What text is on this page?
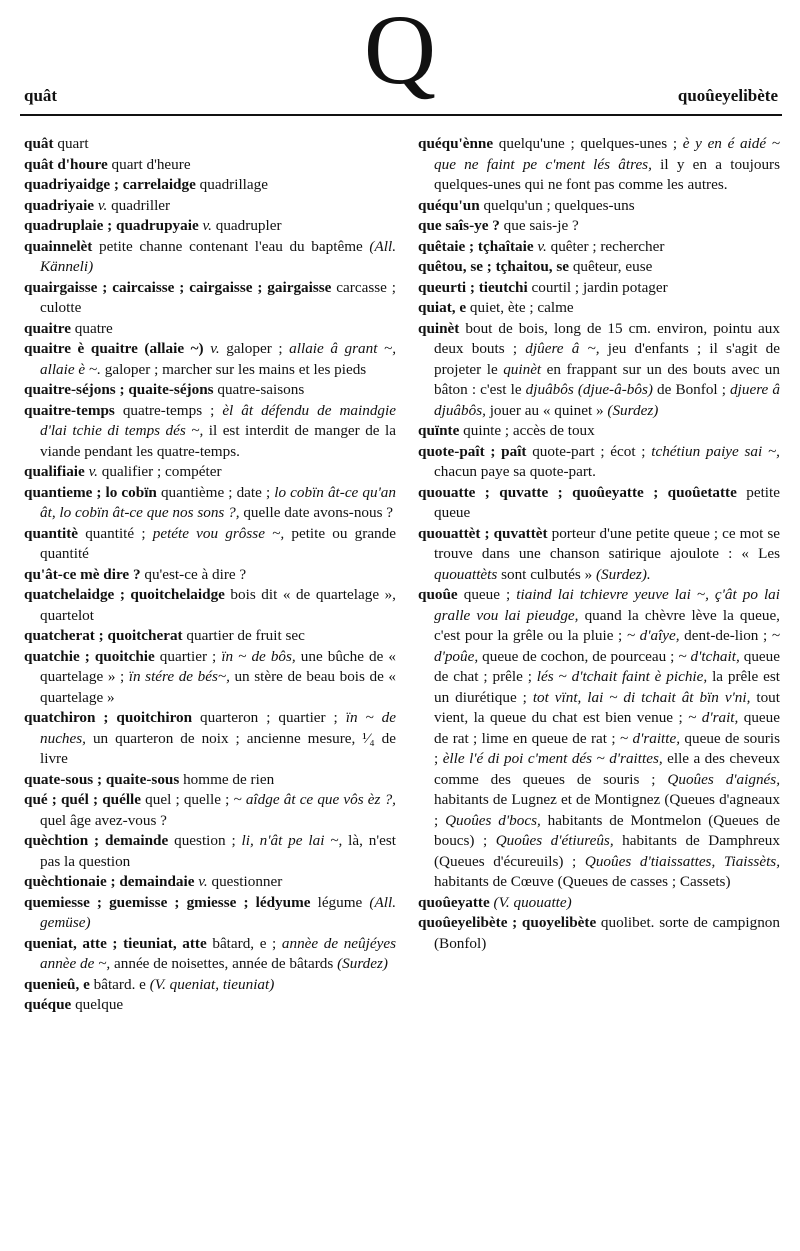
Q
quât	quoûeyelibète
quât quart
quât d'houre quart d'heure
quadriyaidge ; carrelaidge quadrillage
quadriyaie v. quadriller
quadruplaie ; quadrupyaie v. quadrupler
quainnelèt petite channe contenant l'eau du baptême (All. Känneli)
quairgaisse ; caircaisse ; cairgaisse ; gairgaisse carcasse ; culotte
quaitre quatre
quaitre è quaitre (allaie ~) v. galoper ; allaie â grant ~, allaie è ~. galoper ; marcher sur les mains et les pieds
quaitre-séjons ; quaite-séjons quatre-saisons
quaitre-temps quatre-temps ; èl ât défendu de maindgie d'lai tchie di temps dés ~, il est interdit de manger de la viande pendant les quatre-temps.
qualifiaie v. qualifier ; compéter
quantieme ; lo cobïn quantième ; date ; lo cobïn ât-ce qu'an ât, lo cobïn ât-ce que nos sons ?, quelle date avons-nous ?
quantitè quantité ; petéte vou grôsse ~, petite ou grande quantité
qu'ât-ce mè dire ? qu'est-ce à dire ?
quatchelaidge ; quoitchelaidge bois dit « de quartelage », quartelot
quatcherat ; quoitcherat quartier de fruit sec
quatchie ; quoitchie quartier ; ïn ~ de bôs, une bûche de « quartelage » ; ïn stére de bés~, un stère de beau bois de « quartelage »
quatchiron ; quoitchiron quarteron ; quartier ; ïn ~ de nuches, un quarteron de noix ; ancienne mesure, ¹⁄₄ de livre
quate-sous ; quaite-sous homme de rien
qué ; quél ; quélle quel ; quelle ; ~ aîdge ât ce que vôs èz ?, quel âge avez-vous ?
quèchtion ; demainde question ; li, n'ât pe lai ~, là, n'est pas la question
quèchtionaie ; demaindaie v. questionner
quemiesse ; guemisse ; gmiesse ; lédyume légume (All. gemüse)
queniat, atte ; tieuniat, atte bâtard, e ; annèe de neûjéyes annèe de ~, année de noisettes, année de bâtards (Surdez)
quenieû, e bâtard. e (V. queniat, tieuniat)
quéque quelque
quéqu'ènne quelqu'une ; quelques-unes ; è y en é aidé ~ que ne faint pe c'ment lés âtres, il y en a toujours quelques-unes qui ne font pas comme les autres.
quéqu'un quelqu'un ; quelques-uns
que saîs-ye ? que sais-je ?
quêtaie ; tçhaîtaie v. quêter ; rechercher
quêtou, se ; tçhaitou, se quêteur, euse
queurti ; tieutchi courtil ; jardin potager
quiat, e quiet, ète ; calme
quinèt bout de bois, long de 15 cm. environ, pointu aux deux bouts ; djûere â ~, jeu d'enfants ; il s'agit de projeter le quinèt en frappant sur un des bouts avec un bâton : c'est le djuâbôs (djue-â-bôs) de Bonfol ; djuere â djuâbôs, jouer au « quinet » (Surdez)
quïnte quinte ; accès de toux
quote-paît ; paît quote-part ; écot ; tchétiun paiye sai ~, chacun paye sa quote-part.
quouatte ; quvatte ; quoûeyatte ; quoûetatte petite queue
quouattèt ; quvattèt porteur d'une petite queue ; ce mot se trouve dans une chanson satirique ajoulote : « Les quouattèts sont culbutés » (Surdez).
quoûe queue ; tiaind lai tchievre yeuve lai ~, ç'ât po lai gralle vou lai pieudge, quand la chèvre lève la queue, c'est pour la grêle ou la pluie ; ~ d'aîye, dent-de-lion ; ~ d'poûe, queue de cochon, de pourceau ; ~ d'tchait, queue de chat ; prêle ; lés ~ d'tchait faint è pichie, la prêle est un diurétique ; tot vïnt, lai ~ di tchait ât bïn v'ni, tout vient, la queue du chat est bien venue ; ~ d'rait, queue de rat ; lime en queue de rat ; ~ d'raitte, queue de souris ; èlle l'é di poi c'ment dés ~ d'raittes, elle a des cheveux comme des queues de souris ; Quoûes d'aignés, habitants de Lugnez et de Montignez (Queues d'agneaux ; Quoûes d'bocs, habitants de Montmelon (Queues de boucs) ; Quoûes d'étiureûs, habitants de Damphreux (Queues d'écureuils) ; Quoûes d'tiaissattes, Tiaissèts, habitants de Cœuve (Queues de casses ; Cassets)
quoûeyatte (V. quouatte)
quoûeyelibète ; quoyelibète quolibet. sorte de campignon (Bonfol)
